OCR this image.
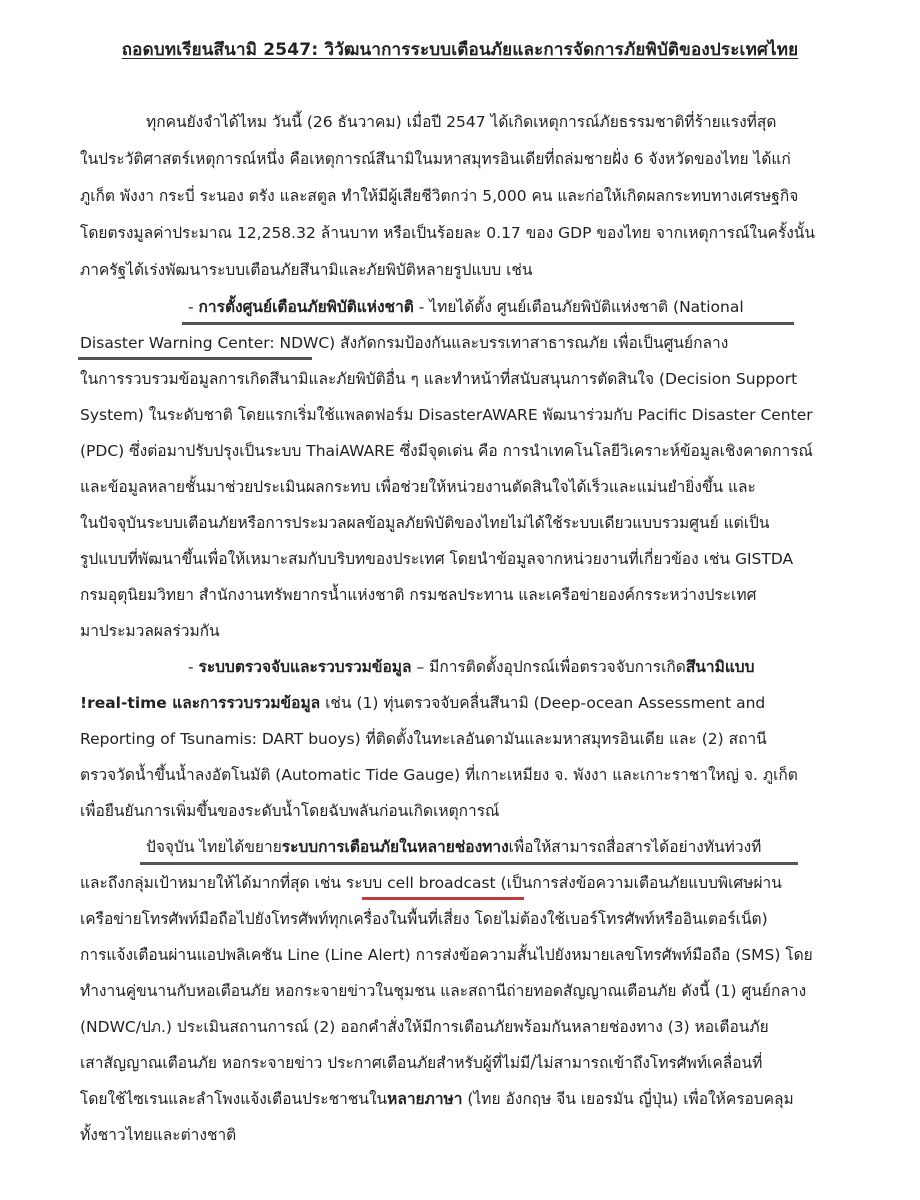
ถอดบทเรียนสึนามิ 2547: วิวัฒนาการระบบเตือนภัยและการจัดการภัยพิบัติของประเทศไทย
ทุกคนยังจำได้ไหม วันนี้ (26 ธันวาคม) เมื่อปี 2547 ได้เกิดเหตุการณ์ภัยธรรมชาติที่ร้ายแรงที่สุด
ในประวัติศาสตร์เหตุการณ์หนึ่ง คือเหตุการณ์สึนามิในมหาสมุทรอินเดียที่ถล่มชายฝั่ง 6 จังหวัดของไทย ได้แก่
ภูเก็ต พังงา กระบี่ ระนอง ตรัง และสตูล ทำให้มีผู้เสียชีวิตกว่า 5,000 คน และก่อให้เกิดผลกระทบทางเศรษฐกิจ
โดยตรงมูลค่าประมาณ 12,258.32 ล้านบาท หรือเป็นร้อยละ 0.17 ของ GDP ของไทย จากเหตุการณ์ในครั้งนั้น
ภาครัฐได้เร่งพัฒนาระบบเตือนภัยสึนามิและภัยพิบัติหลายรูปแบบ เช่น
- การตั้งศูนย์เตือนภัยพิบัติแห่งชาติ - ไทยได้ตั้ง ศูนย์เตือนภัยพิบัติแห่งชาติ (National
Disaster Warning Center: NDWC) สังกัดกรมป้องกันและบรรเทาสาธารณภัย เพื่อเป็นศูนย์กลาง
ในการรวบรวมข้อมูลการเกิดสึนามิและภัยพิบัติอื่น ๆ และทำหน้าที่สนับสนุนการตัดสินใจ (Decision Support
System) ในระดับชาติ โดยแรกเริ่มใช้แพลตฟอร์ม DisasterAWARE พัฒนาร่วมกับ Pacific Disaster Center
(PDC) ซึ่งต่อมาปรับปรุงเป็นระบบ ThaiAWARE ซึ่งมีจุดเด่น คือ การนำเทคโนโลยีวิเคราะห์ข้อมูลเชิงคาดการณ์
และข้อมูลหลายชั้นมาช่วยประเมินผลกระทบ เพื่อช่วยให้หน่วยงานตัดสินใจได้เร็วและแม่นยำยิ่งขึ้น และ
ในปัจจุบันระบบเตือนภัยหรือการประมวลผลข้อมูลภัยพิบัติของไทยไม่ได้ใช้ระบบเดียวแบบรวมศูนย์ แต่เป็น
รูปแบบที่พัฒนาขึ้นเพื่อให้เหมาะสมกับบริบทของประเทศ โดยนำข้อมูลจากหน่วยงานที่เกี่ยวข้อง เช่น GISTDA
กรมอุตุนิยมวิทยา สำนักงานทรัพยากรน้ำแห่งชาติ กรมชลประทาน และเครือข่ายองค์กรระหว่างประเทศ
มาประมวลผลร่วมกัน
- ระบบตรวจจับและรวบรวมข้อมูล – มีการติดตั้งอุปกรณ์เพื่อตรวจจับการเกิดสึนามิแบบ
!real-time และการรวบรวมข้อมูล เช่น (1) ทุ่นตรวจจับคลื่นสึนามิ (Deep-ocean Assessment and
Reporting of Tsunamis: DART buoys) ที่ติดตั้งในทะเลอันดามันและมหาสมุทรอินเดีย และ (2) สถานี
ตรวจวัดน้ำขึ้นน้ำลงอัตโนมัติ (Automatic Tide Gauge) ที่เกาะเหมียง จ. พังงา และเกาะราชาใหญ่ จ. ภูเก็ต
เพื่อยืนยันการเพิ่มขึ้นของระดับน้ำโดยฉับพลันก่อนเกิดเหตุการณ์
ปัจจุบัน ไทยได้ขยายระบบการเตือนภัยในหลายช่องทางเพื่อให้สามารถสื่อสารได้อย่างทันท่วงที
และถึงกลุ่มเป้าหมายให้ได้มากที่สุด เช่น ระบบ cell broadcast (เป็นการส่งข้อความเตือนภัยแบบพิเศษผ่าน
เครือข่ายโทรศัพท์มือถือไปยังโทรศัพท์ทุกเครื่องในพื้นที่เสี่ยง โดยไม่ต้องใช้เบอร์โทรศัพท์หรืออินเตอร์เน็ต)
การแจ้งเตือนผ่านแอปพลิเคชัน Line (Line Alert) การส่งข้อความสั้นไปยังหมายเลขโทรศัพท์มือถือ (SMS) โดย
ทำงานคู่ขนานกับหอเตือนภัย หอกระจายข่าวในชุมชน และสถานีถ่ายทอดสัญญาณเตือนภัย ดังนี้ (1) ศูนย์กลาง
(NDWC/ปภ.) ประเมินสถานการณ์ (2) ออกคำสั่งให้มีการเตือนภัยพร้อมกันหลายช่องทาง (3) หอเตือนภัย
เสาสัญญาณเตือนภัย หอกระจายข่าว ประกาศเตือนภัยสำหรับผู้ที่ไม่มี/ไม่สามารถเข้าถึงโทรศัพท์เคลื่อนที่
โดยใช้ไซเรนและลำโพงแจ้งเตือนประชาชนในหลายภาษา (ไทย อังกฤษ จีน เยอรมัน ญี่ปุ่น) เพื่อให้ครอบคลุม
ทั้งชาวไทยและต่างชาติ
